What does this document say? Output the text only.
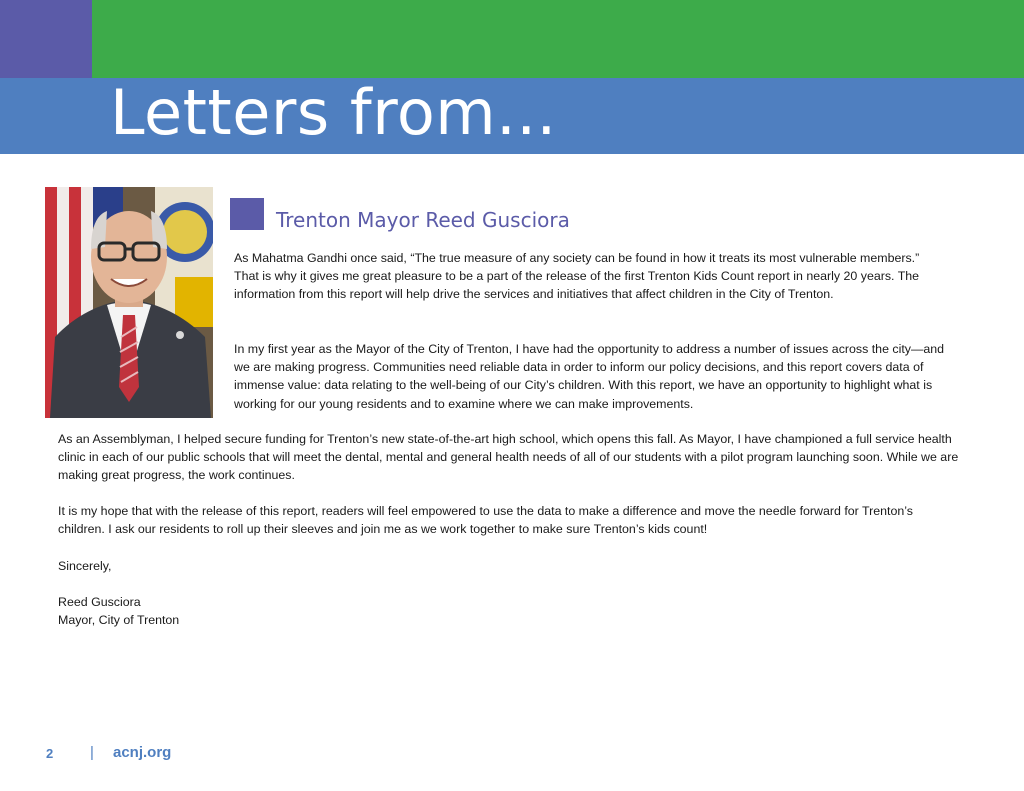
Letters from...
Trenton Mayor Reed Gusciora

As Mahatma Gandhi once said, “The true measure of any society can be found in how it treats its most vulnerable members.” That is why it gives me great pleasure to be a part of the release of the first Trenton Kids Count report in nearly 20 years. The information from this report will help drive the services and initiatives that affect children in the City of Trenton.

In my first year as the Mayor of the City of Trenton, I have had the opportunity to address a number of issues across the city—and we are making progress. Communities need reliable data in order to inform our policy decisions, and this report covers data of immense value: data relating to the well-being of our City’s children. With this report, we have an opportunity to highlight what is working for our young residents and to examine where we can make improvements.

As an Assemblyman, I helped secure funding for Trenton’s new state-of-the-art high school, which opens this fall. As Mayor, I have championed a full service health clinic in each of our public schools that will meet the dental, mental and general health needs of all of our students with a pilot program launching soon. While we are making great progress, the work continues.

It is my hope that with the release of this report, readers will feel empowered to use the data to make a difference and move the needle forward for Trenton’s children. I ask our residents to roll up their sleeves and join me as we work together to make sure Trenton’s kids count!

Sincerely,

Reed Gusciora

Mayor, City of Trenton

2 | acnj.org
